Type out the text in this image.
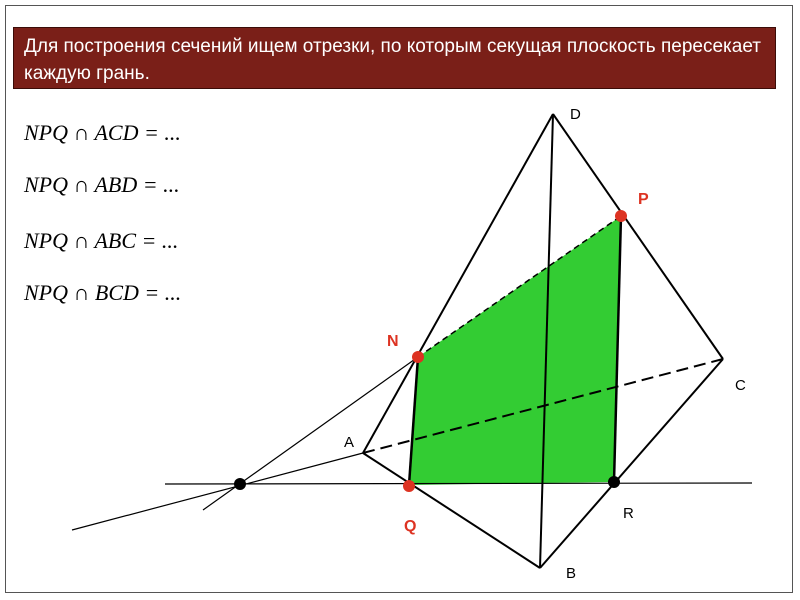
Для построения сечений ищем отрезки, по которым секущая плоскость пересекает каждую грань.
NPQ ∩ ACD = ...
NPQ ∩ ABD = ...
NPQ ∩ ABC = ...
NPQ ∩ BCD = ...
D
A
C
B
R
P
N
Q
